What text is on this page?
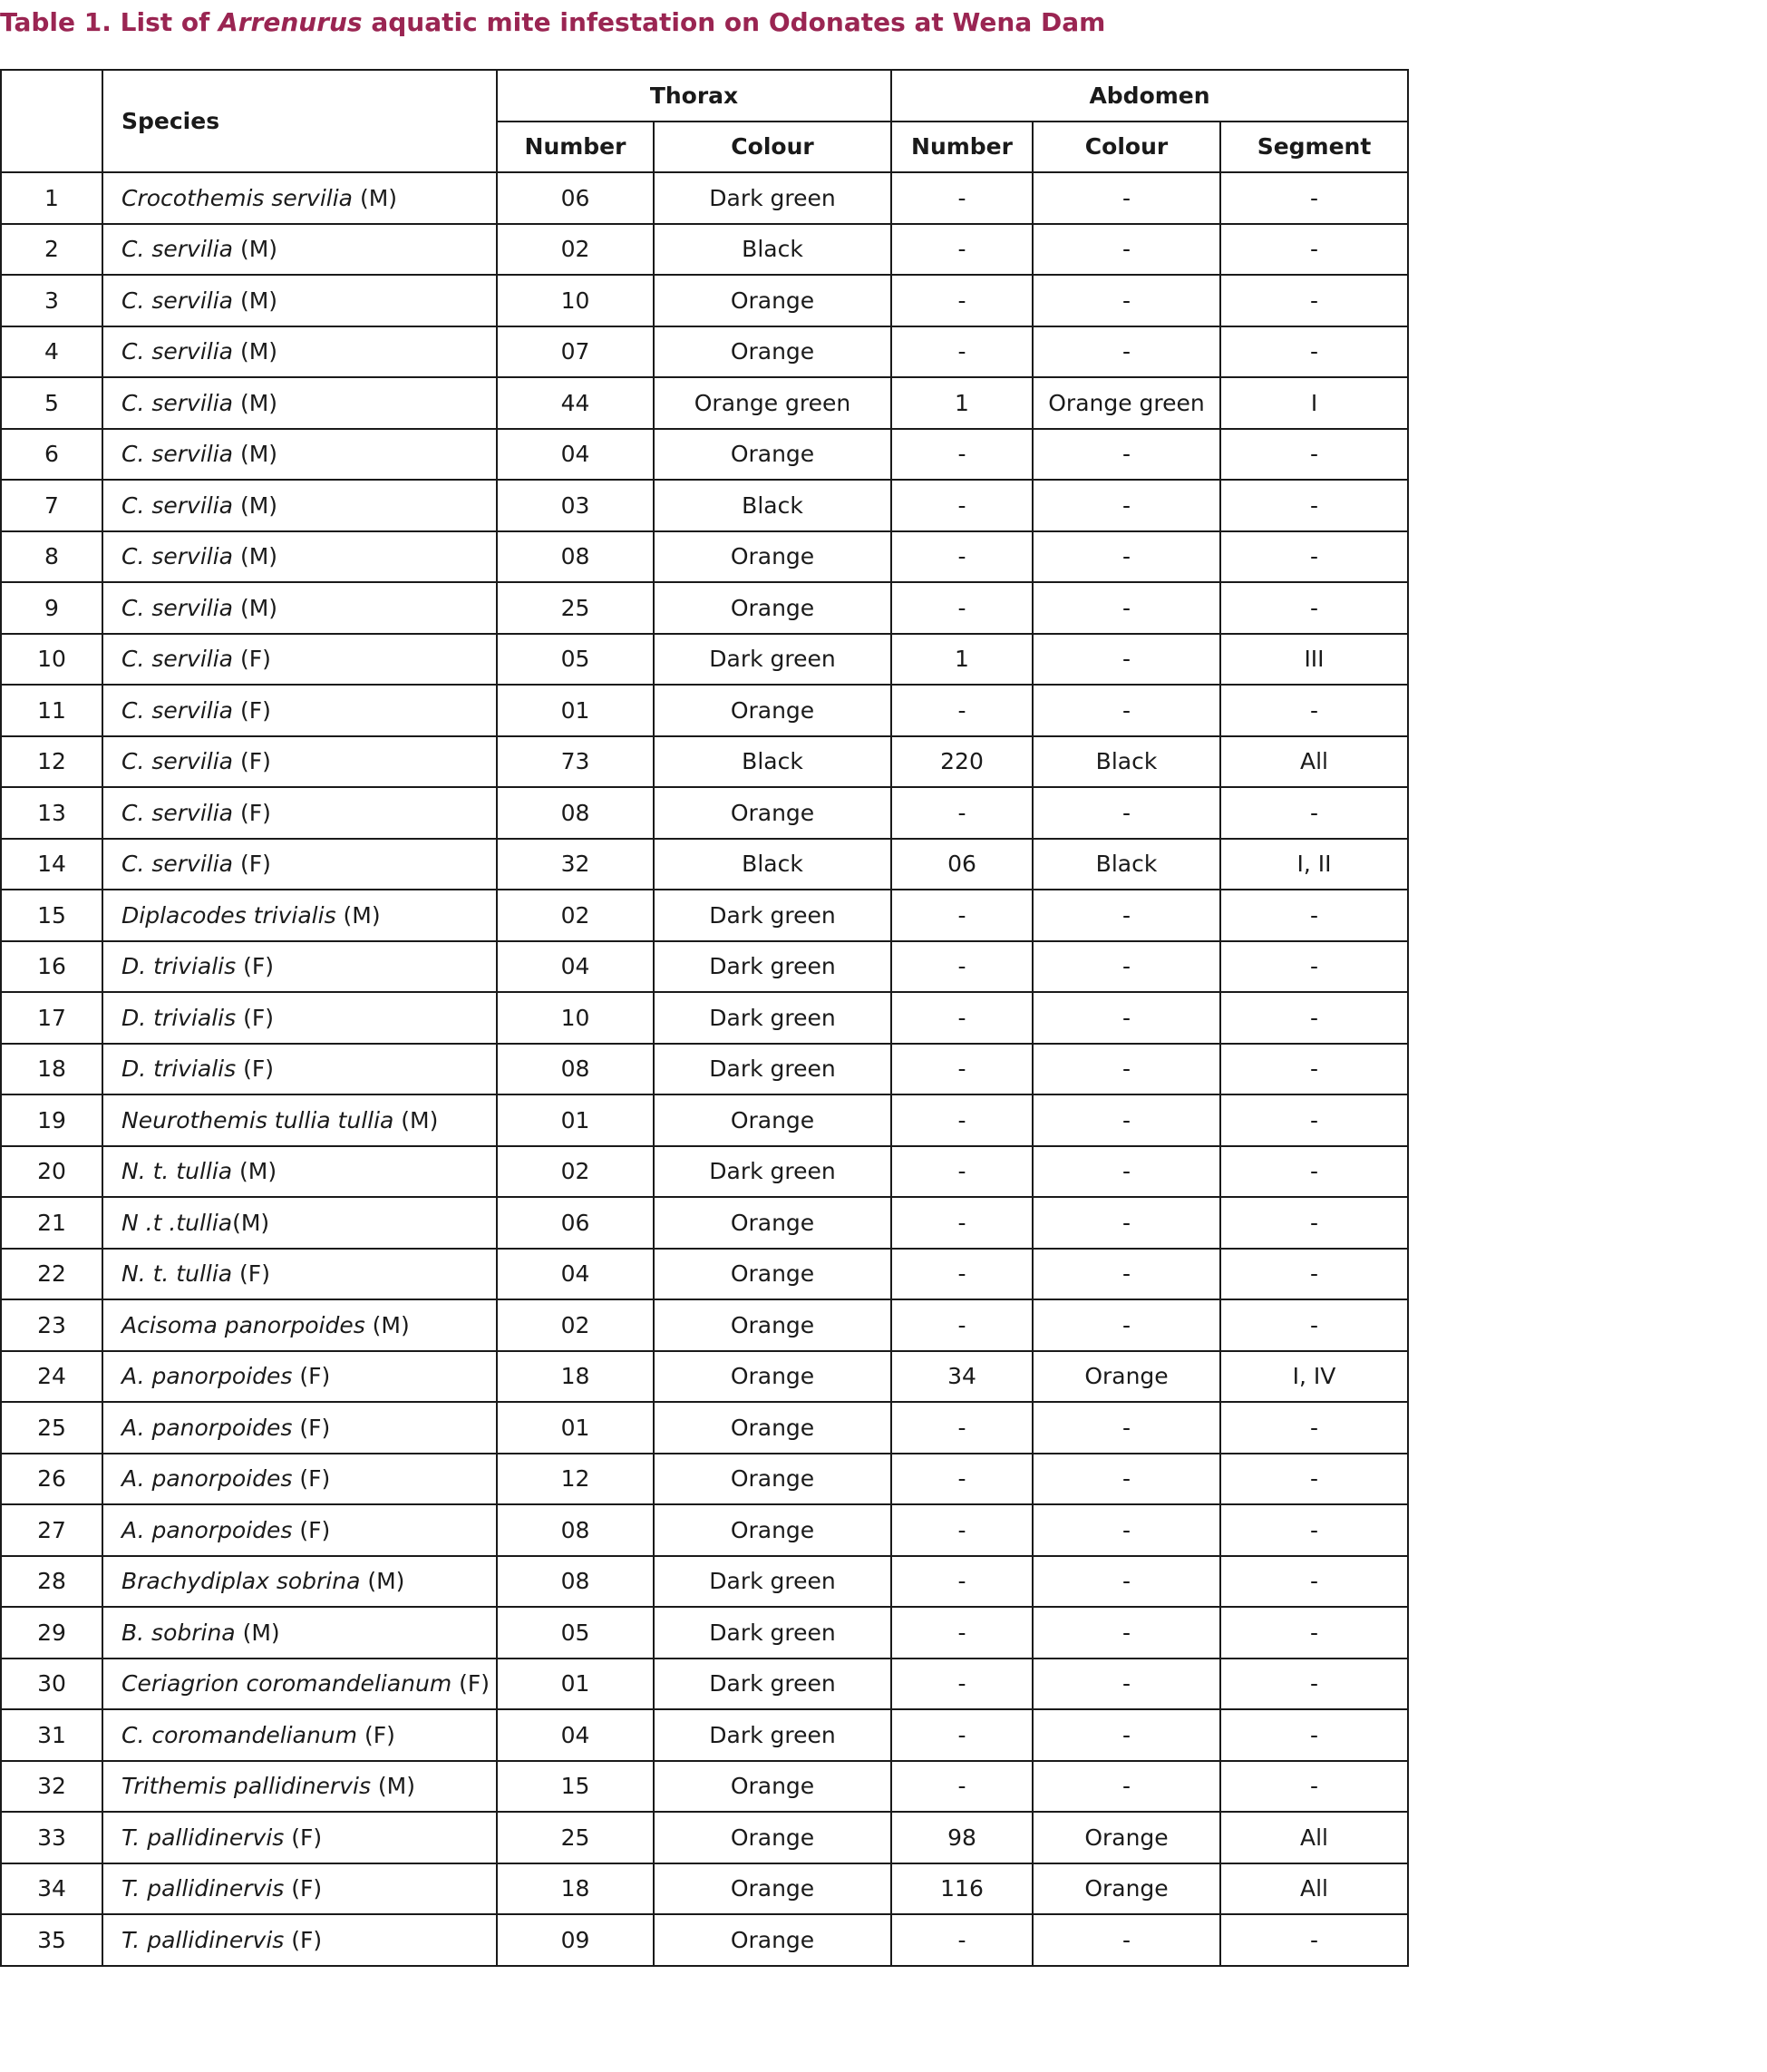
Table 1. List of Arrenurus aquatic mite infestation on Odonates at Wena Dam
	Species	Thorax		Abdomen		
		Number	Colour	Number	Colour	Segment
1	Crocothemis servilia (M)	06	Dark green	-	-	-
2	C. servilia (M)	02	Black	-	-	-
3	C. servilia (M)	10	Orange	-	-	-
4	C. servilia (M)	07	Orange	-	-	-
5	C. servilia (M)	44	Orange green	1	Orange green	I
6	C. servilia (M)	04	Orange	-	-	-
7	C. servilia (M)	03	Black	-	-	-
8	C. servilia (M)	08	Orange	-	-	-
9	C. servilia (M)	25	Orange	-	-	-
10	C. servilia (F)	05	Dark green	1	-	III
11	C. servilia (F)	01	Orange	-	-	-
12	C. servilia (F)	73	Black	220	Black	All
13	C. servilia (F)	08	Orange	-	-	-
14	C. servilia (F)	32	Black	06	Black	I, II
15	Diplacodes trivialis (M)	02	Dark green	-	-	-
16	D. trivialis (F)	04	Dark green	-	-	-
17	D. trivialis (F)	10	Dark green	-	-	-
18	D. trivialis (F)	08	Dark green	-	-	-
19	Neurothemis tullia tullia (M)	01	Orange	-	-	-
20	N. t. tullia (M)	02	Dark green	-	-	-
21	N .t .tullia(M)	06	Orange	-	-	-
22	N. t. tullia (F)	04	Orange	-	-	-
23	Acisoma panorpoides (M)	02	Orange	-	-	-
24	A. panorpoides (F)	18	Orange	34	Orange	I, IV
25	A. panorpoides (F)	01	Orange	-	-	-
26	A. panorpoides (F)	12	Orange	-	-	-
27	A. panorpoides (F)	08	Orange	-	-	-
28	Brachydiplax sobrina (M)	08	Dark green	-	-	-
29	B. sobrina (M)	05	Dark green	-	-	-
30	Ceriagrion coromandelianum (F)	01	Dark green	-	-	-
31	C. coromandelianum (F)	04	Dark green	-	-	-
32	Trithemis pallidinervis (M)	15	Orange	-	-	-
33	T. pallidinervis (F)	25	Orange	98	Orange	All
34	T. pallidinervis (F)	18	Orange	116	Orange	All
35	T. pallidinervis (F)	09	Orange	-	-	-
